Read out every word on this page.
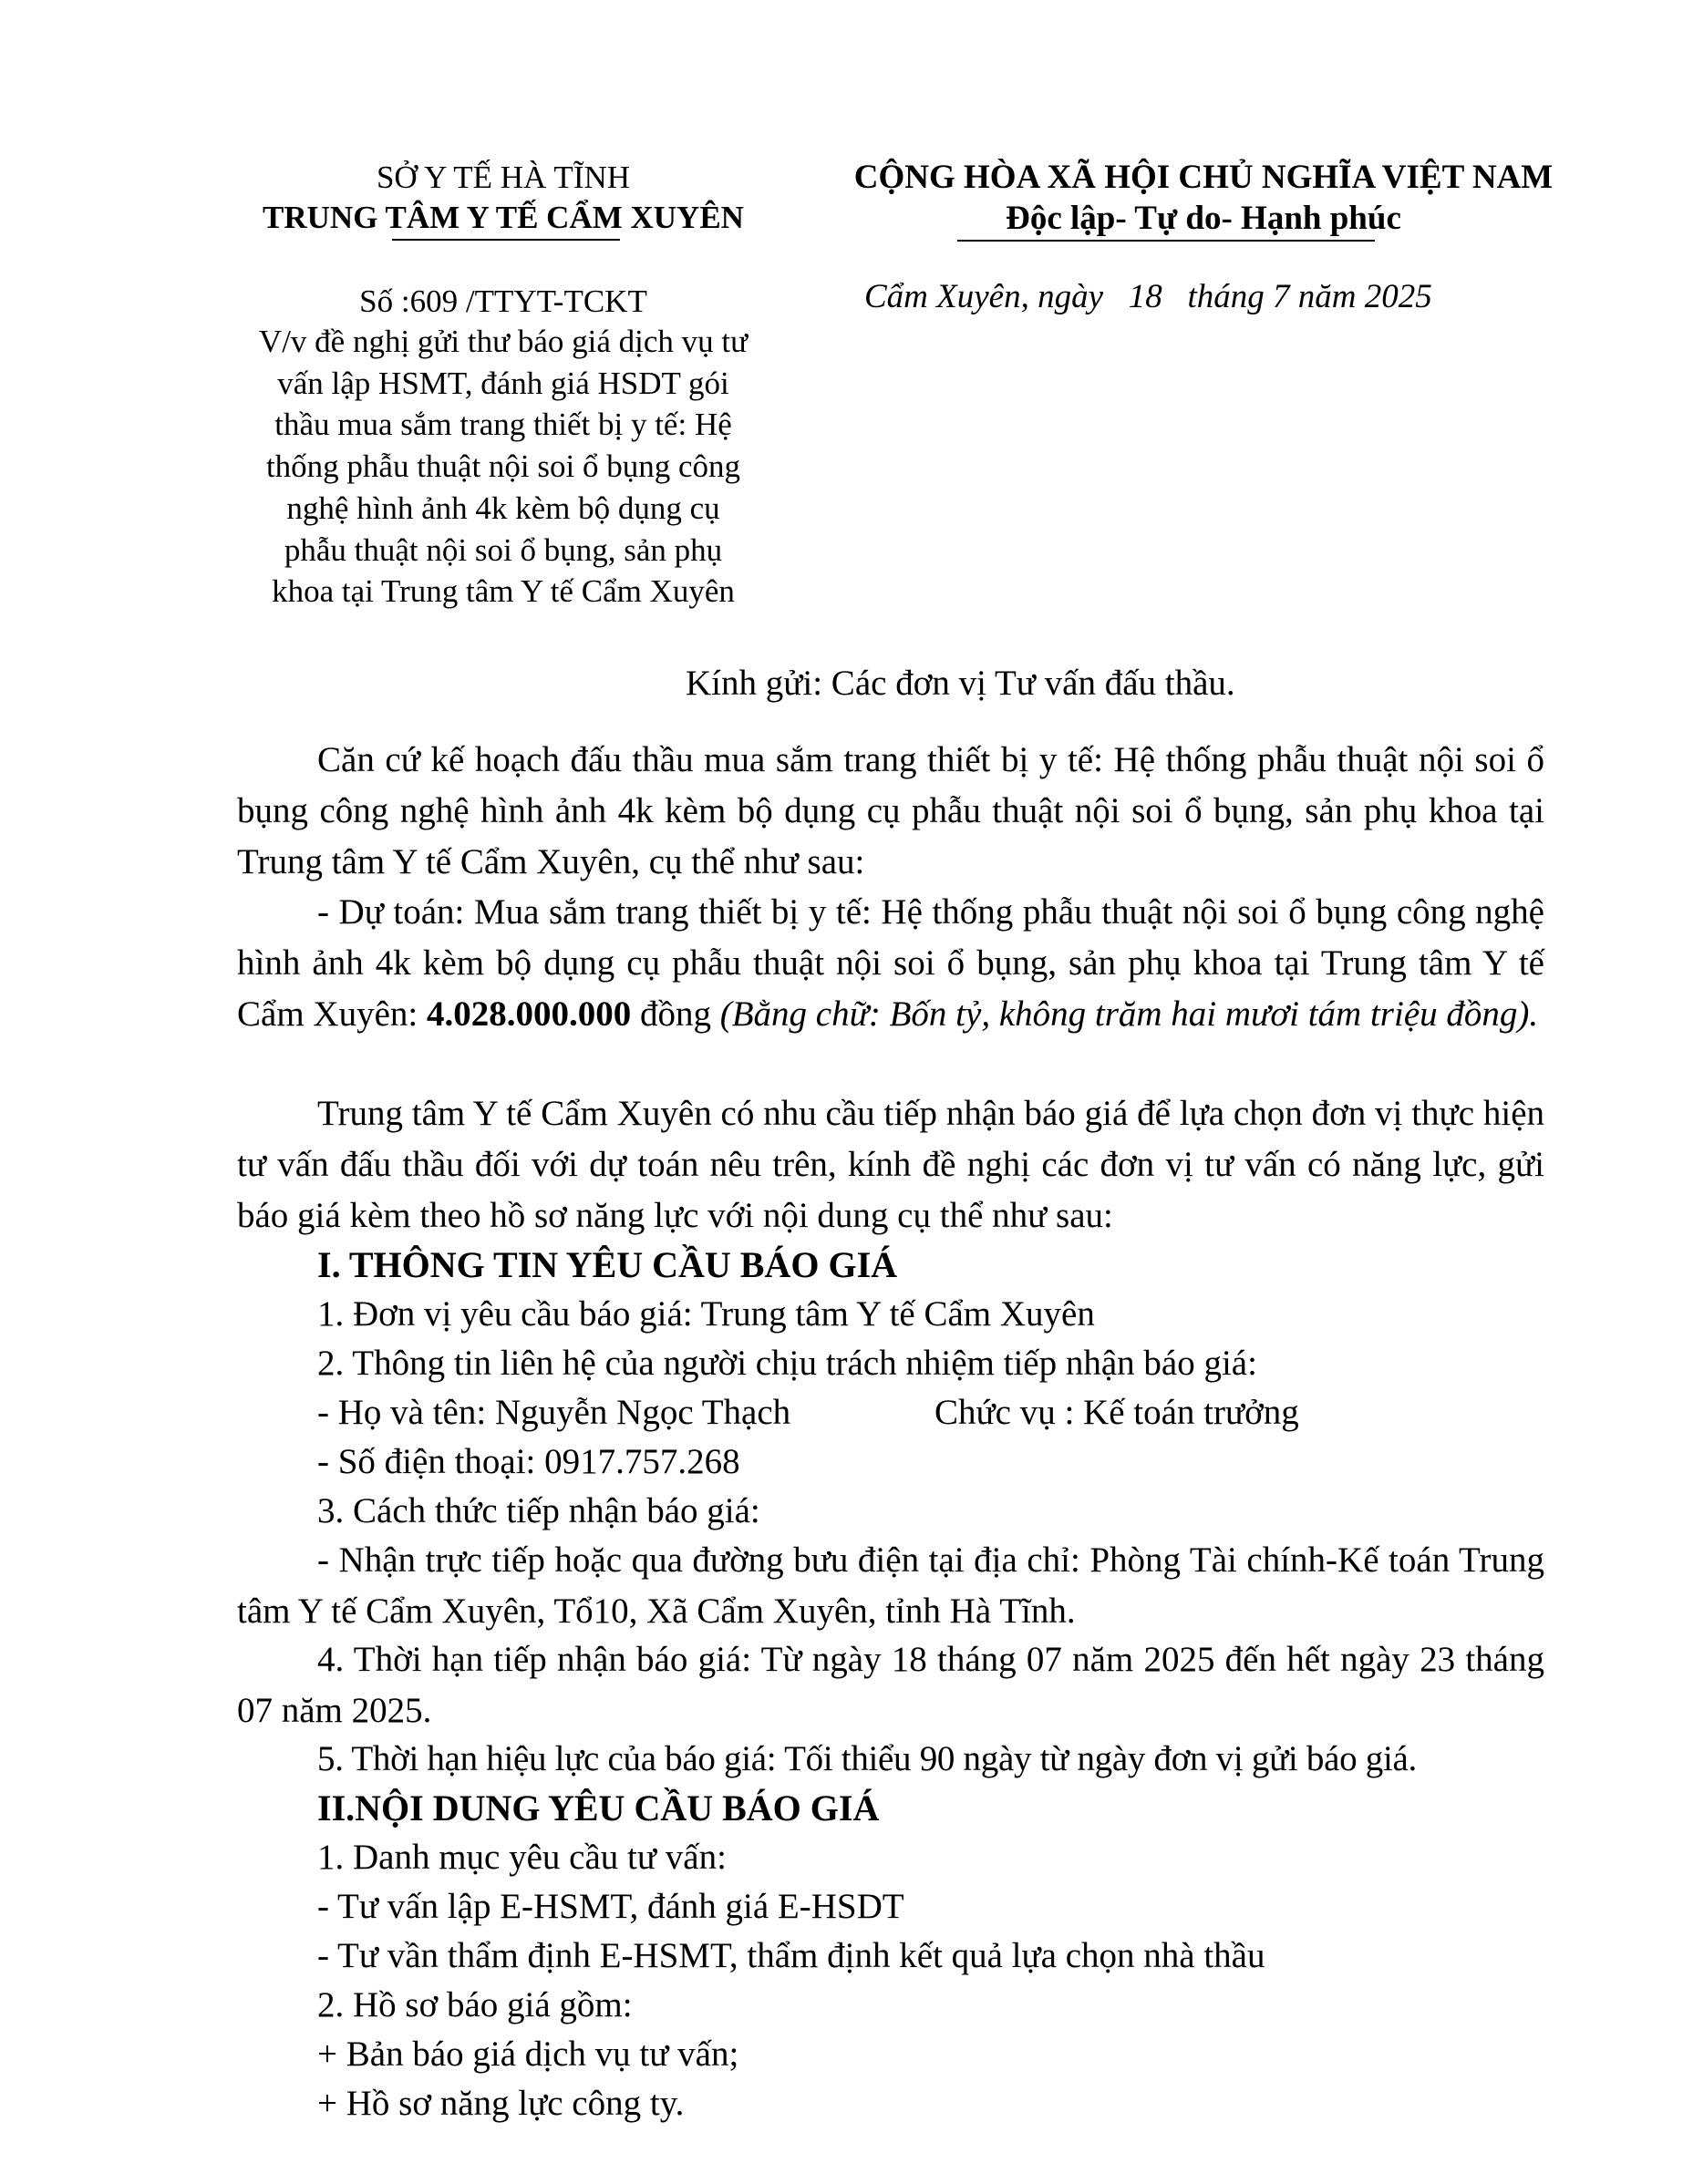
SỞ Y TẾ HÀ TĨNH
TRUNG TÂM Y TẾ CẨM XUYÊN
CỘNG HÒA XÃ HỘI CHỦ NGHĨA VIỆT NAM
Độc lập- Tự do- Hạnh phúc
Số :609 /TTYT-TCKT	Cẩm Xuyên, ngày   18   tháng 7 năm 2025
V/v đề nghị gửi thư báo giá dịch vụ tư
vấn lập HSMT, đánh giá HSDT gói
thầu mua sắm trang thiết bị y tế: Hệ
thống phẫu thuật nội soi ổ bụng công
nghệ hình ảnh 4k kèm bộ dụng cụ
phẫu thuật nội soi ổ bụng, sản phụ
khoa tại Trung tâm Y tế Cẩm Xuyên
Kính gửi: Các đơn vị Tư vấn đấu thầu.
Căn cứ kế hoạch đấu thầu mua sắm trang thiết bị y tế: Hệ thống phẫu thuật nội soi ổ bụng công nghệ hình ảnh 4k kèm bộ dụng cụ phẫu thuật nội soi ổ bụng, sản phụ khoa tại Trung tâm Y tế Cẩm Xuyên, cụ thể như sau:
- Dự toán: Mua sắm trang thiết bị y tế: Hệ thống phẫu thuật nội soi ổ bụng công nghệ hình ảnh 4k kèm bộ dụng cụ phẫu thuật nội soi ổ bụng, sản phụ khoa tại Trung tâm Y tế Cẩm Xuyên: 4.028.000.000 đồng (Bằng chữ: Bốn tỷ, không trăm hai mươi tám triệu đồng).
Trung tâm Y tế Cẩm Xuyên có nhu cầu tiếp nhận báo giá để lựa chọn đơn vị thực hiện tư vấn đấu thầu đối với dự toán nêu trên, kính đề nghị các đơn vị tư vấn có năng lực, gửi báo giá kèm theo hồ sơ năng lực với nội dung cụ thể như sau:
I. THÔNG TIN YÊU CẦU BÁO GIÁ
1. Đơn vị yêu cầu báo giá: Trung tâm Y tế Cẩm Xuyên
2. Thông tin liên hệ của người chịu trách nhiệm tiếp nhận báo giá:
- Họ và tên: Nguyễn Ngọc Thạch	Chức vụ : Kế toán trưởng
- Số điện thoại: 0917.757.268
3. Cách thức tiếp nhận báo giá:
- Nhận trực tiếp hoặc qua đường bưu điện tại địa chỉ: Phòng Tài chính-Kế toán Trung tâm Y tế Cẩm Xuyên, Tổ10, Xã Cẩm Xuyên, tỉnh Hà Tĩnh.
4. Thời hạn tiếp nhận báo giá: Từ ngày 18 tháng 07 năm 2025 đến hết ngày 23 tháng 07 năm 2025.
5. Thời hạn hiệu lực của báo giá: Tối thiểu 90 ngày từ ngày đơn vị gửi báo giá.
II.NỘI DUNG YÊU CẦU BÁO GIÁ
1. Danh mục yêu cầu tư vấn:
- Tư vấn lập E-HSMT, đánh giá E-HSDT
- Tư vần thẩm định E-HSMT, thẩm định kết quả lựa chọn nhà thầu
2. Hồ sơ báo giá gồm:
+ Bản báo giá dịch vụ tư vấn;
+ Hồ sơ năng lực công ty.
